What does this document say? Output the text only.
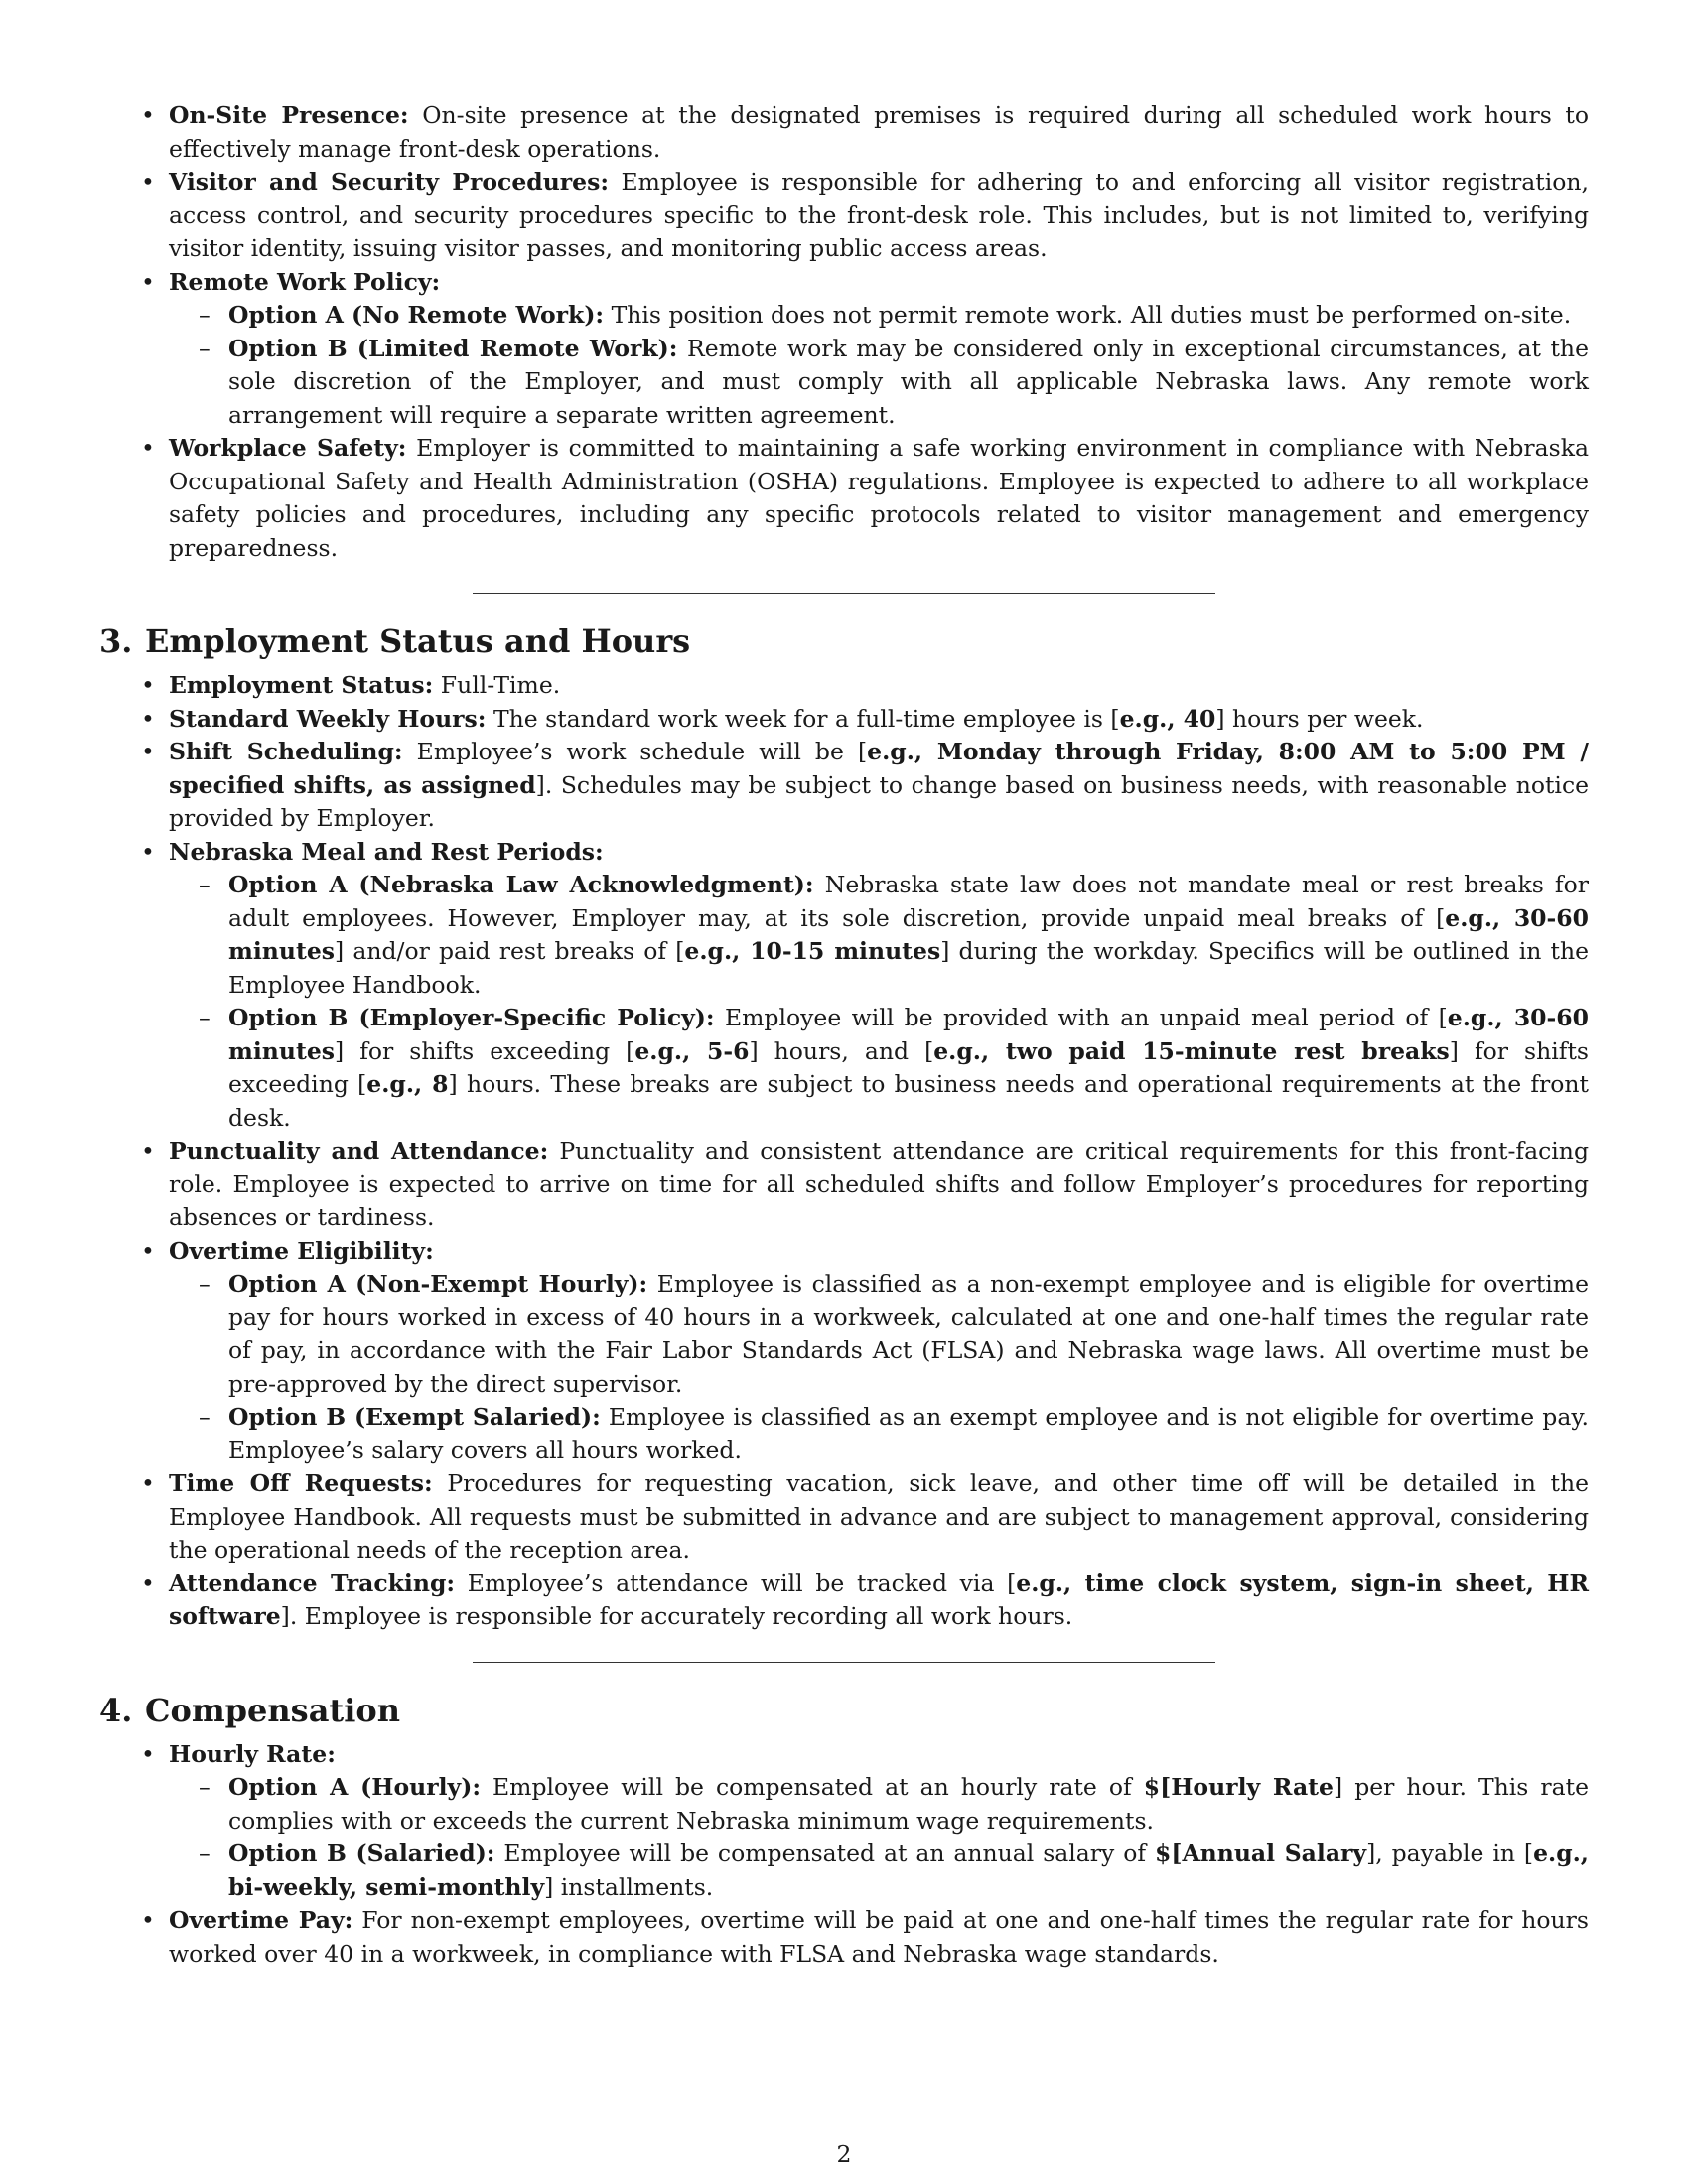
• On-Site Presence: On-site presence at the designated premises is required during all scheduled work hours to effectively manage front-desk operations.
• Visitor and Security Procedures: Employee is responsible for adhering to and enforcing all visitor registration, access control, and security procedures specific to the front-desk role. This includes, but is not limited to, verifying visitor identity, issuing visitor passes, and monitoring public access areas.
• Remote Work Policy:
– Option A (No Remote Work): This position does not permit remote work. All duties must be performed on-site.
– Option B (Limited Remote Work): Remote work may be considered only in exceptional circumstances, at the sole discretion of the Employer, and must comply with all applicable Nebraska laws. Any remote work arrangement will require a separate written agreement.
• Workplace Safety: Employer is committed to maintaining a safe working environment in compliance with Nebraska Occupational Safety and Health Administration (OSHA) regulations. Employee is expected to adhere to all workplace safety policies and procedures, including any specific protocols related to visitor management and emergency preparedness.
3. Employment Status and Hours
• Employment Status: Full-Time.
• Standard Weekly Hours: The standard work week for a full-time employee is [e.g., 40] hours per week.
• Shift Scheduling: Employee’s work schedule will be [e.g., Monday through Friday, 8:00 AM to 5:00 PM / specified shifts, as assigned]. Schedules may be subject to change based on business needs, with reasonable notice provided by Employer.
• Nebraska Meal and Rest Periods:
– Option A (Nebraska Law Acknowledgment): Nebraska state law does not mandate meal or rest breaks for adult employees. However, Employer may, at its sole discretion, provide unpaid meal breaks of [e.g., 30-60 minutes] and/or paid rest breaks of [e.g., 10-15 minutes] during the workday. Specifics will be outlined in the Employee Handbook.
– Option B (Employer-Specific Policy): Employee will be provided with an unpaid meal period of [e.g., 30-60 minutes] for shifts exceeding [e.g., 5-6] hours, and [e.g., two paid 15-minute rest breaks] for shifts exceeding [e.g., 8] hours. These breaks are subject to business needs and operational requirements at the front desk.
• Punctuality and Attendance: Punctuality and consistent attendance are critical requirements for this front-facing role. Employee is expected to arrive on time for all scheduled shifts and follow Employer’s procedures for reporting absences or tardiness.
• Overtime Eligibility:
– Option A (Non-Exempt Hourly): Employee is classified as a non-exempt employee and is eligible for overtime pay for hours worked in excess of 40 hours in a workweek, calculated at one and one-half times the regular rate of pay, in accordance with the Fair Labor Standards Act (FLSA) and Nebraska wage laws. All overtime must be pre-approved by the direct supervisor.
– Option B (Exempt Salaried): Employee is classified as an exempt employee and is not eligible for overtime pay. Employee’s salary covers all hours worked.
• Time Off Requests: Procedures for requesting vacation, sick leave, and other time off will be detailed in the Employee Handbook. All requests must be submitted in advance and are subject to management approval, considering the operational needs of the reception area.
• Attendance Tracking: Employee’s attendance will be tracked via [e.g., time clock system, sign-in sheet, HR software]. Employee is responsible for accurately recording all work hours.
4. Compensation
• Hourly Rate:
– Option A (Hourly): Employee will be compensated at an hourly rate of $[Hourly Rate] per hour. This rate complies with or exceeds the current Nebraska minimum wage requirements.
– Option B (Salaried): Employee will be compensated at an annual salary of $[Annual Salary], payable in [e.g., bi-weekly, semi-monthly] installments.
• Overtime Pay: For non-exempt employees, overtime will be paid at one and one-half times the regular rate for hours worked over 40 in a workweek, in compliance with FLSA and Nebraska wage standards.
2
